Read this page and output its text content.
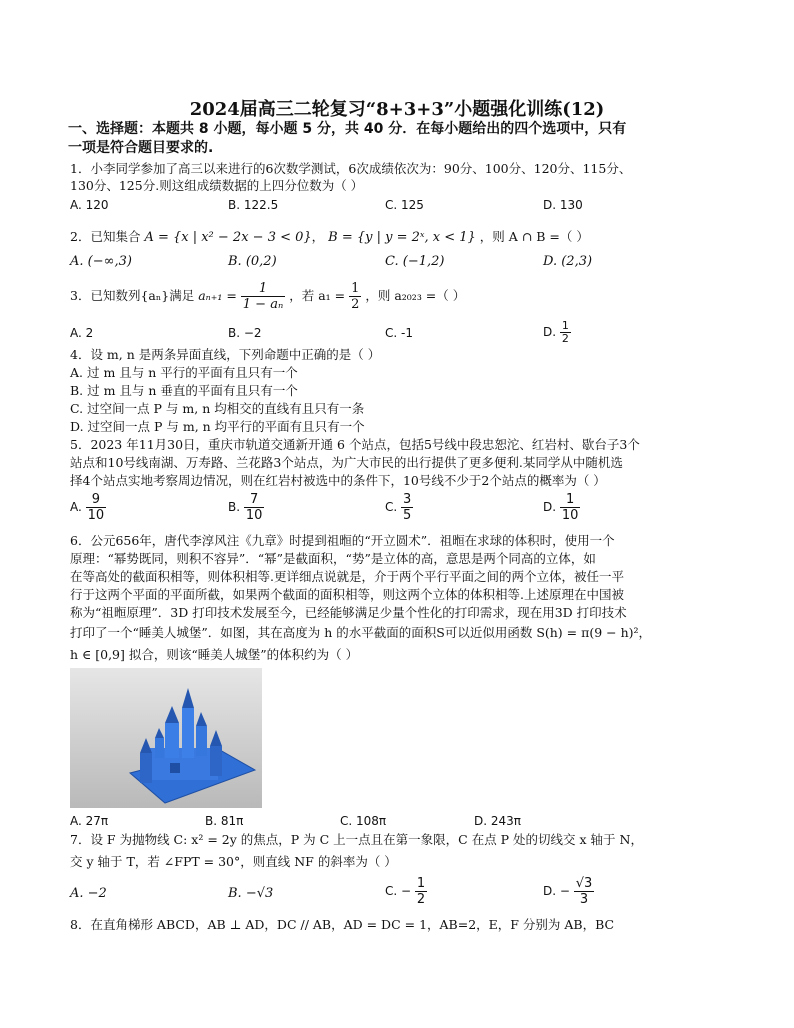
2024届高三二轮复习“8+3+3”小题强化训练(12)
一、选择题：本题共 8 小题，每小题 5 分，共 40 分．在每小题给出的四个选项中，只有
一项是符合题目要求的.
1．小李同学参加了高三以来进行的6次数学测试，6次成绩依次为：90分、100分、120分、115分、
130分、125分.则这组成绩数据的上四分位数为（ ）
A. 120	B. 122.5	C. 125	D. 130
2．已知集合 A = {x | x² − 2x − 3 < 0}， B = {y | y = 2ˣ, x < 1} ，则 A ∩ B =（ ）
A. (−∞,3)	B. (0,2)	C. (−1,2)	D. (2,3)
3．已知数列{aₙ}满足 $a_{n+1} = \frac{1}{\text{1 − aₙ}}$ ，若 $a_1 = \frac{1}{2}$ ，则 a₂₀₂₃ =（ ）
A. 2	B. −2	C. -1	D. $\frac{1}{2}$
4．设 m, n 是两条异面直线，下列命题中正确的是（ ）
A. 过 m 且与 n 平行的平面有且只有一个
B. 过 m 且与 n 垂直的平面有且只有一个
C. 过空间一点 P 与 m, n 均相交的直线有且只有一条
D. 过空间一点 P 与 m, n 均平行的平面有且只有一个
5．2023 年11月30日，重庆市轨道交通新开通 6 个站点，包括5号线中段忠恕沱、红岩村、歇台子3个
站点和10号线南湖、万寿路、兰花路3个站点，为广大市民的出行提供了更多便利.某同学从中随机选
择4个站点实地考察周边情况，则在红岩村被选中的条件下，10号线不少于2个站点的概率为（ ）
A. $\frac{9}{10}$	B. $\frac{7}{10}$	C. $\frac{3}{5}$	D. $\frac{1}{10}$
6．公元656年，唐代李淳风注《九章》时提到祖暅的“开立圆术”．祖暅在求球的体积时，使用一个
原理：“幂势既同，则积不容异”．“幂”是截面积，“势”是立体的高，意思是两个同高的立体，如
在等高处的截面积相等，则体积相等.更详细点说就是，介于两个平行平面之间的两个立体，被任一平
行于这两个平面的平面所截，如果两个截面的面积相等，则这两个立体的体积相等.上述原理在中国被
称为“祖暅原理”．3D 打印技术发展至今，已经能够满足少量个性化的打印需求，现在用3D 打印技术
打印了一个“睡美人城堡”．如图，其在高度为 h 的水平截面的面积S可以近似用函数 S(h) = π(9 − h)²，
h ∈ [0,9] 拟合，则该“睡美人城堡”的体积约为（ ）
A. 27π	B. 81π	C. 108π	D. 243π
7．设 F 为抛物线 C: x² = 2y 的焦点，P 为 C 上一点且在第一象限，C 在点 P 处的切线交 x 轴于 N，
交 y 轴于 T，若 ∠FPT = 30°，则直线 NF 的斜率为（ ）
A. −2	B. −√3	C. − $\frac{1}{2}$	D. − $\frac{√3}{3}$
8．在直角梯形 ABCD，AB ⊥ AD，DC // AB，AD = DC = 1，AB=2，E，F 分别为 AB，BC
